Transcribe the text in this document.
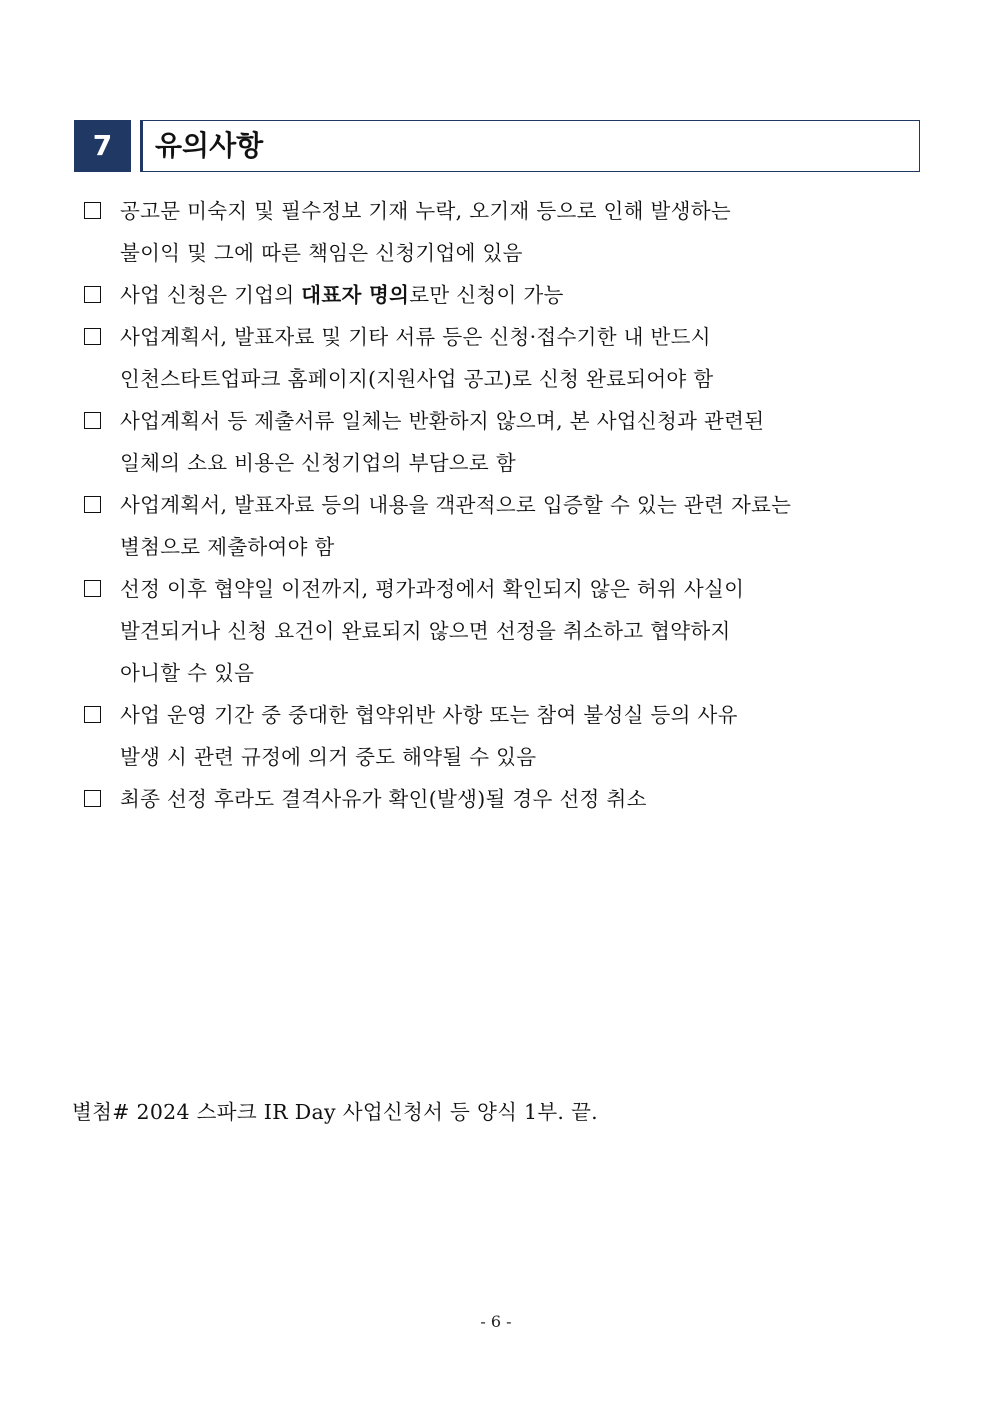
7	유의사항
공고문 미숙지 및 필수정보 기재 누락, 오기재 등으로 인해 발생하는
불이익 및 그에 따른 책임은 신청기업에 있음
사업 신청은 기업의 대표자 명의로만 신청이 가능
사업계획서, 발표자료 및 기타 서류 등은 신청·접수기한 내 반드시
인천스타트업파크 홈페이지(지원사업 공고)로 신청 완료되어야 함
사업계획서 등 제출서류 일체는 반환하지 않으며, 본 사업신청과 관련된
일체의 소요 비용은 신청기업의 부담으로 함
사업계획서, 발표자료 등의 내용을 객관적으로 입증할 수 있는 관련 자료는
별첨으로 제출하여야 함
선정 이후 협약일 이전까지, 평가과정에서 확인되지 않은 허위 사실이
발견되거나 신청 요건이 완료되지 않으면 선정을 취소하고 협약하지
아니할 수 있음
사업 운영 기간 중 중대한 협약위반 사항 또는 참여 불성실 등의 사유
발생 시 관련 규정에 의거 중도 해약될 수 있음
최종 선정 후라도 결격사유가 확인(발생)될 경우 선정 취소
별첨# 2024 스파크 IR Day 사업신청서 등 양식 1부. 끝.
- 6 -
